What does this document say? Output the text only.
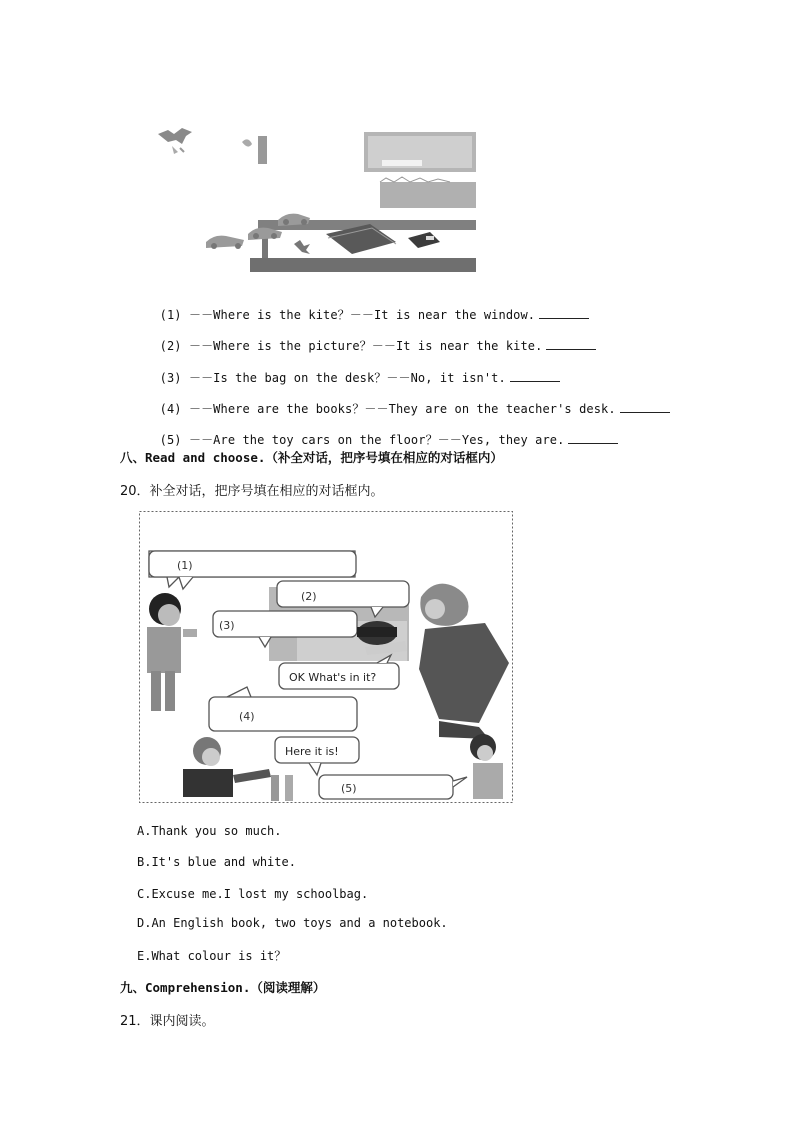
(1) －－Where is the kite？－－It is near the window.

(2) －－Where is the picture？－－It is near the kite.

(3) －－Is the bag on the desk？－－No, it isn't.

(4) －－Where are the books？－－They are on the teacher's desk.

(5) －－Are the toy cars on the floor？－－Yes, they are.

八、Read and choose.（补全对话，把序号填在相应的对话框内）
20．补全对话，把序号填在相应的对话框内。
(1)
(2)
(3)
OK What's in it?
(4)
Here it is!
(5)
.com
A.Thank you so much.
B.It's blue and white.
C.Excuse me.I lost my schoolbag.
D.An English book, two toys and a notebook.
E.What colour is it？
九、Comprehension.（阅读理解）
21．课内阅读。
